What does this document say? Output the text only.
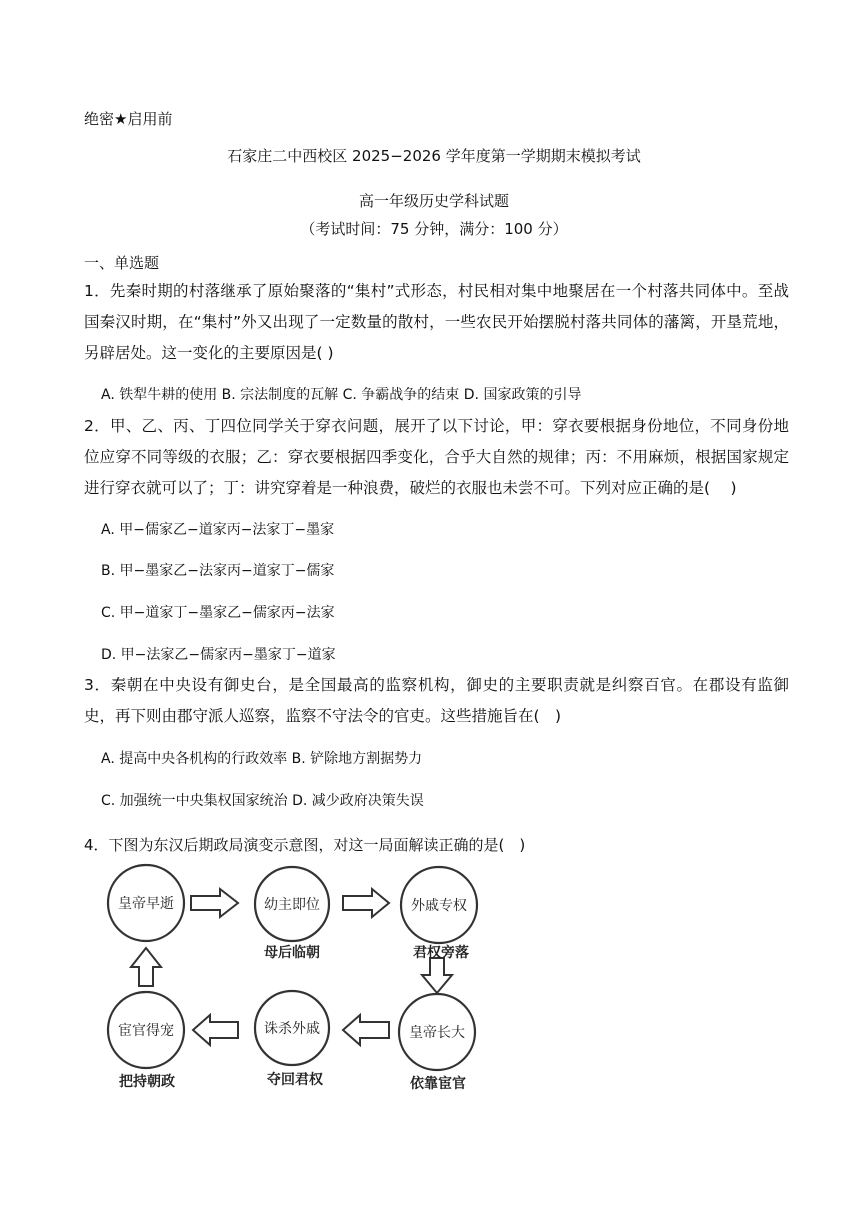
绝密★启用前
石家庄二中西校区 2025−2026 学年度第一学期期末模拟考试
高一年级历史学科试题
（考试时间：75 分钟，满分：100 分）
一、单选题
1．先秦时期的村落继承了原始聚落的“集村”式形态，村民相对集中地聚居在一个村落共同体中。至战国秦汉时期，在“集村”外又出现了一定数量的散村，一些农民开始摆脱村落共同体的藩篱，开垦荒地，另辟居处。这一变化的主要原因是( )
A. 铁犁牛耕的使用 B. 宗法制度的瓦解 C. 争霸战争的结束 D. 国家政策的引导
2．甲、乙、丙、丁四位同学关于穿衣问题，展开了以下讨论，甲：穿衣要根据身份地位，不同身份地位应穿不同等级的衣服；乙：穿衣要根据四季变化，合乎大自然的规律；丙：不用麻烦，根据国家规定进行穿衣就可以了；丁：讲究穿着是一种浪费，破烂的衣服也未尝不可。下列对应正确的是(　 )
A. 甲−儒家乙−道家丙−法家丁−墨家
B. 甲−墨家乙−法家丙−道家丁−儒家
C. 甲−道家丁−墨家乙−儒家丙−法家
D. 甲−法家乙−儒家丙−墨家丁−道家
3．秦朝在中央设有御史台，是全国最高的监察机构，御史的主要职责就是纠察百官。在郡设有监御史，再下则由郡守派人巡察，监察不守法令的官吏。这些措施旨在(　)
A. 提高中央各机构的行政效率 B. 铲除地方割据势力
C. 加强统一中央集权国家统治 D. 减少政府决策失误
4．下图为东汉后期政局演变示意图，对这一局面解读正确的是(　)
皇帝早逝	幼主即位	外戚专权
皇帝长大
诛杀外戚
宦官得宠
母后临朝	君权旁落
依靠宦官
夺回君权
把持朝政
